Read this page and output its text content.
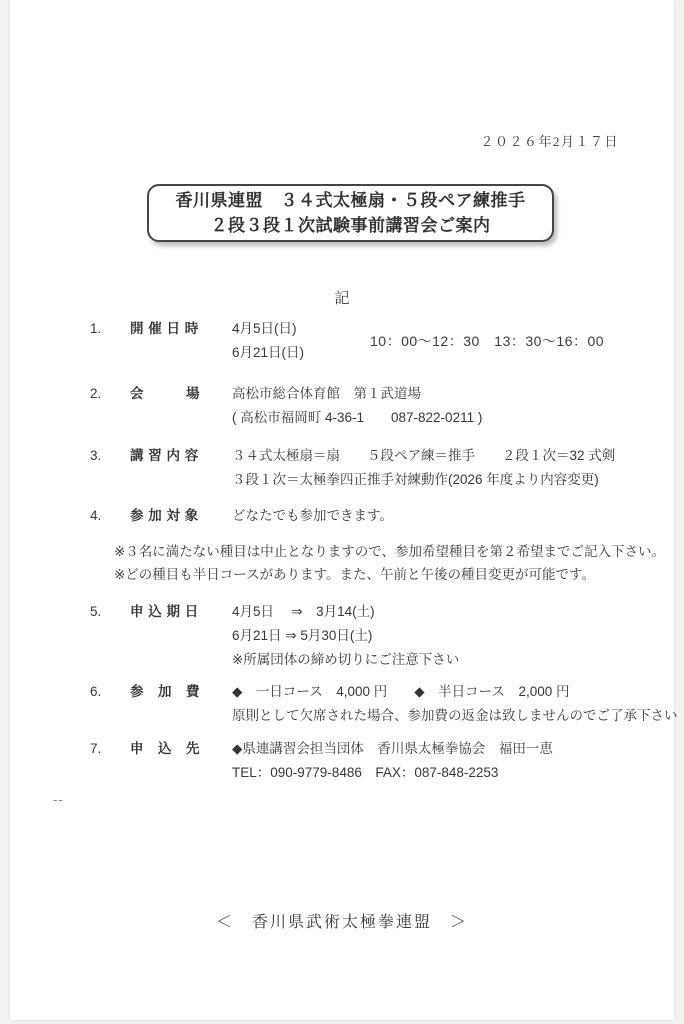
２０２６年2月１７日
香川県連盟　３４式太極扇・５段ペア練推手
２段３段１次試験事前講習会ご案内
記
1.	開 催 日 時	4月5日(日)
6月21日(日)
10：00～12：30　13：30～16：00
2.	会　　　場	高松市総合体育館　第１武道場
( 高松市福岡町 4-36-1　　087-822-0211 )
3.	講 習 内 容	３４式太極扇＝扇　　５段ペア練＝推手　　２段１次＝32 式剣
３段１次＝太極拳四正推手対練動作(2026 年度より内容変更)
4.	参 加 対 象	どなたでも参加できます。
※３名に満たない種目は中止となりますので、参加希望種目を第２希望までご記入下さい。
※どの種目も半日コースがあります。また、午前と午後の種目変更が可能です。
5.	申 込 期 日	4月5日　 ⇒　3月14(土)
6月21日 ⇒ 5月30日(土)
※所属団体の締め切りにご注意下さい
6.	参　加　費	◆　一日コース　4,000 円　　◆　半日コース　2,000 円
原則として欠席された場合、参加費の返金は致しませんのでご了承下さい
7.	申　込　先	◆県連講習会担当団体　香川県太極拳協会　福田一恵
TEL：090-9779-8486　FAX：087-848-2253
--
＜　香川県武術太極拳連盟　＞
